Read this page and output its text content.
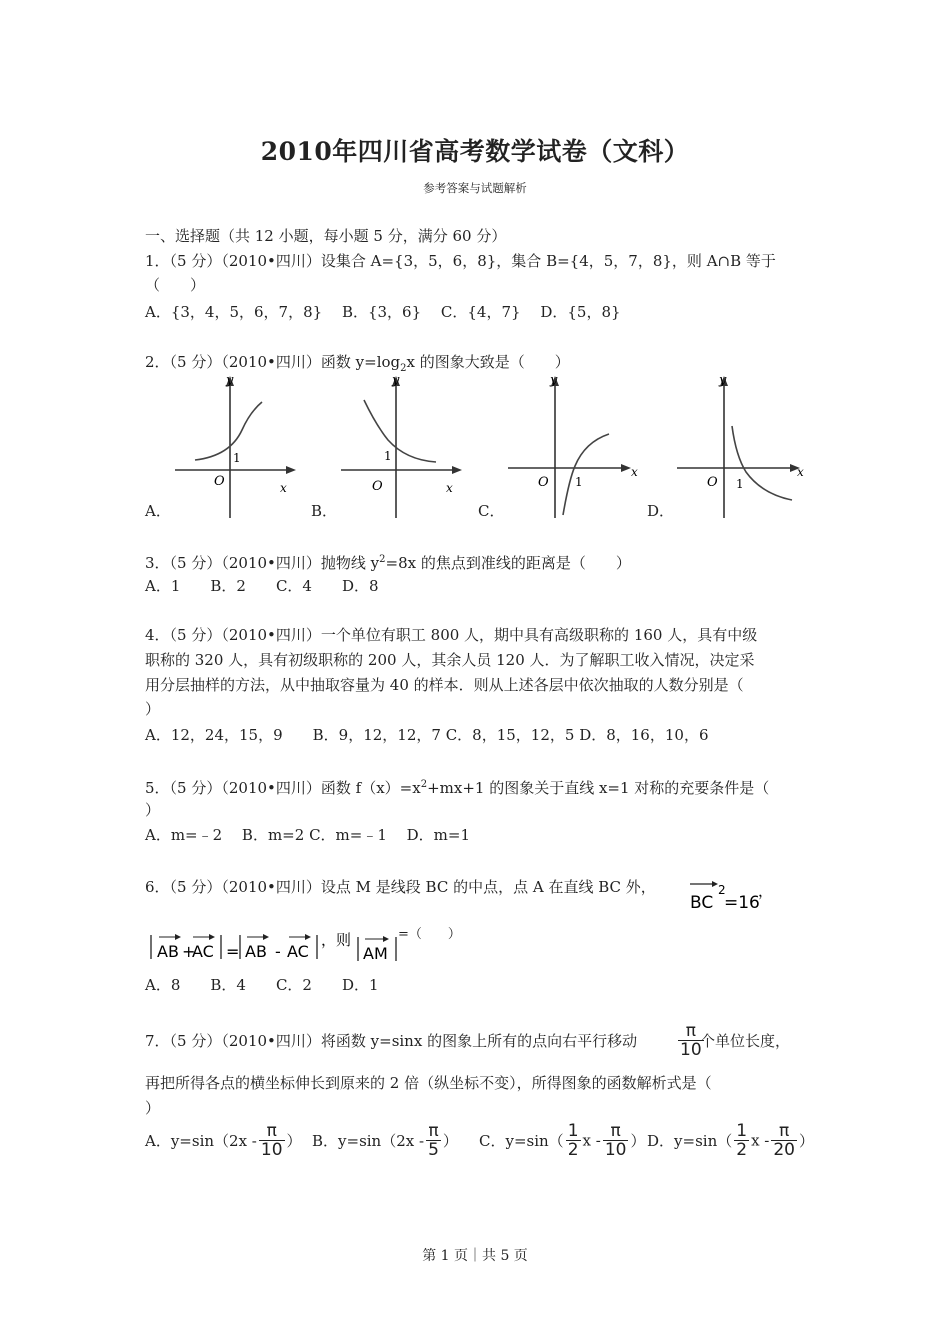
2010年四川省高考数学试卷（文科）
参考答案与试题解析
一、选择题（共 12 小题，每小题 5 分，满分 60 分）
1．（5 分）（2010•四川）设集合 A={3，5，6，8}，集合 B={4，5，7，8}，则 A∩B 等于
（　　）
A．{3，4，5，6，7，8}　 B．{3，6}　 C．{4，7}　 D．{5，8}
2．（5 分）（2010•四川）函数 $y=\log_2x$ 的图象大致是（　　）
A．	B．	C．	D．
y
x
O
1
y
x
O
1
y
x
O 1
y
x
O 1
3．（5 分）（2010•四川）抛物线 $y^2=8x$ 的焦点到准线的距离是（　　）
A．1　　B．2　　C．4　　D．8
4．（5 分）（2010•四川）一个单位有职工 800 人，期中具有高级职称的 160 人，具有中级
职称的 320 人，具有初级职称的 200 人，其余人员 120 人．为了解职工收入情况，决定采
用分层抽样的方法，从中抽取容量为 40 的样本．则从上述各层中依次抽取的人数分别是（
）
A．12，24，15，9　　B．9，12，12，7 C．8，15，12，5 D．8，16，10，6
5．（5 分）（2010•四川）函数 $f(x)=x^2+mx+1$ 的图象关于直线 x=1 对称的充要条件是（
）
A．m=﹣2　 B．m=2 C．m=﹣1　 D．m=1
6．（5 分）（2010•四川）设点 M 是线段 BC 的中点，点 A 在直线 BC 外，
BC
2
=16
，
AB +
AC = AB - AC
，则
AM
=（　　）
A．8　　B．4　　C．2　　D．1
7．（5 分）（2010•四川）将函数 y=sinx 的图象上所有的点向右平行移动 $\frac{\pi}{10}$
个单位长度，
再把所得各点的横坐标伸长到原来的 2 倍（纵坐标不变），所得图象的函数解析式是（
）
A．$y=\sin(2x - \frac{\pi}{10}$ ） B．$y=\sin(2x - \frac{\pi}{5}$ ） C．$y=\sin( \frac{1}{2}$ x - $\frac{\pi}{10}$ ） D．$y=\sin( \frac{1}{2}$ x - $\frac{\pi}{20}$ ）
第 1 页｜共 5 页
